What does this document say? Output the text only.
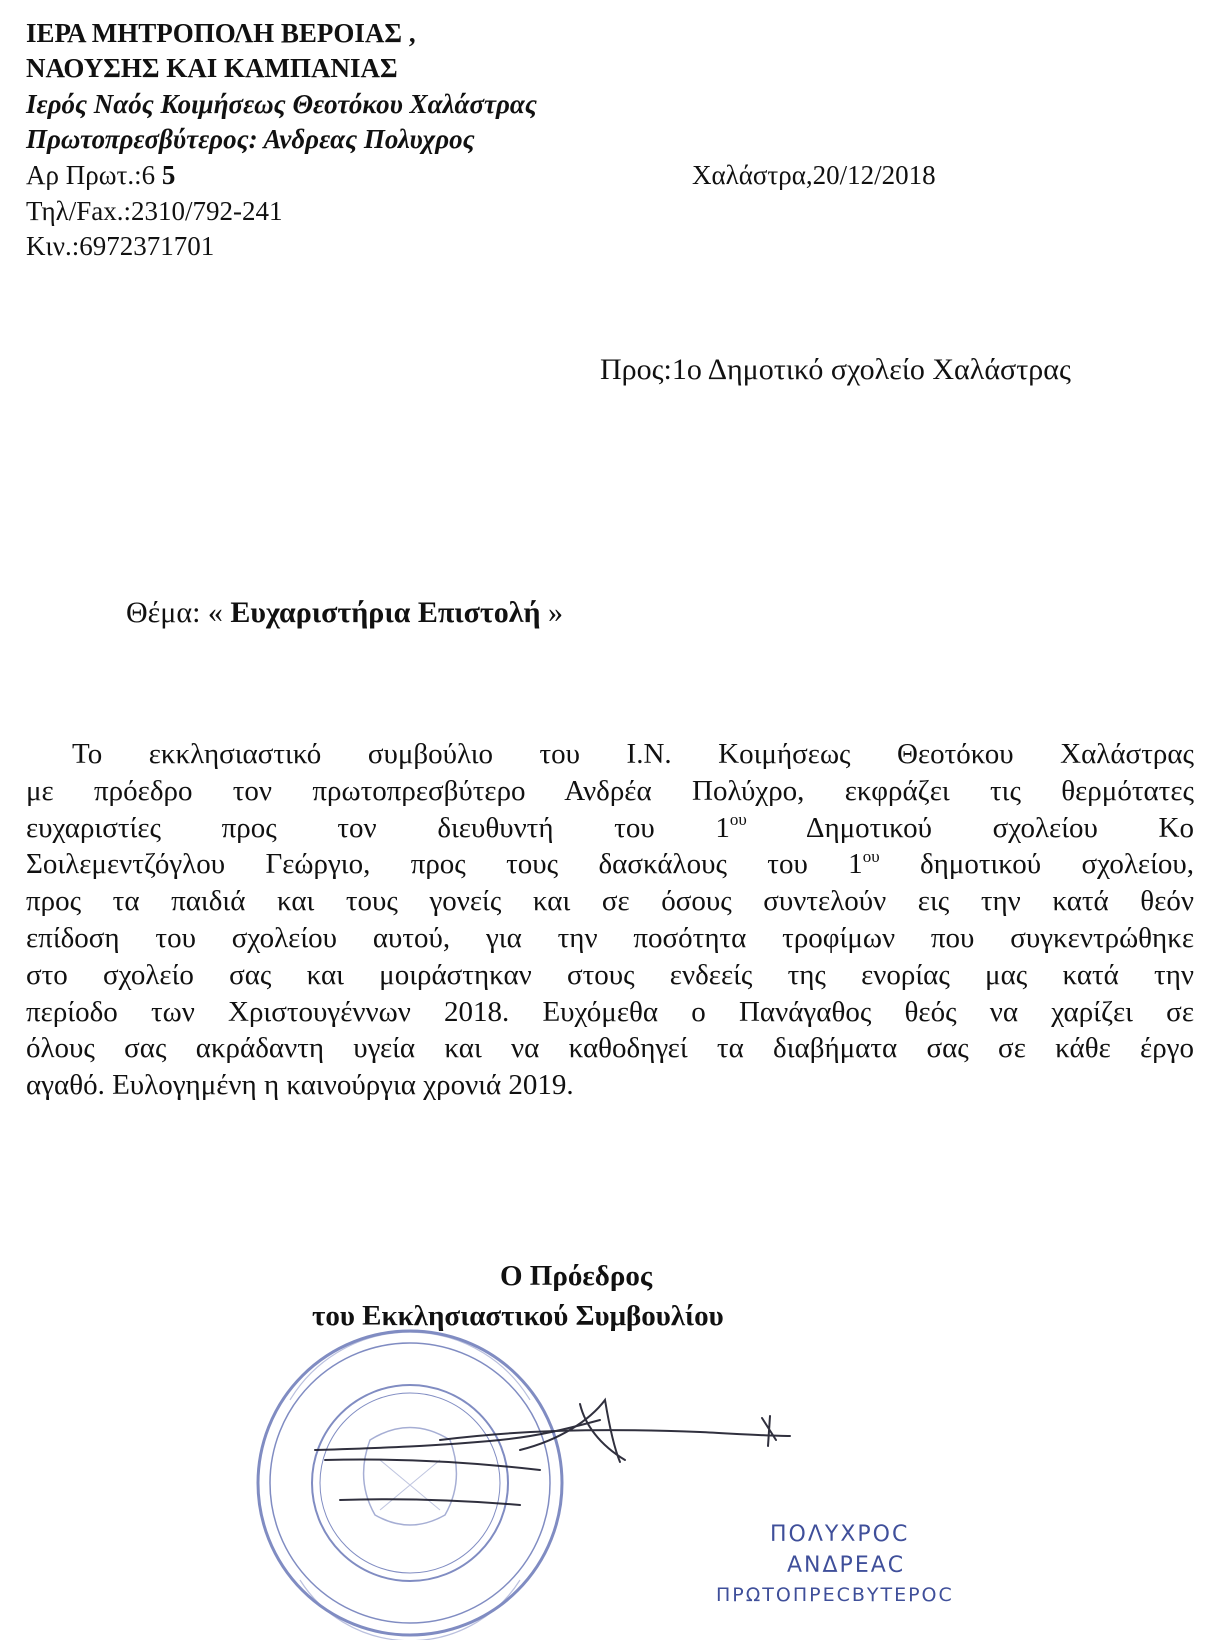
ΙΕΡΑ ΜΗΤΡΟΠΟΛΗ ΒΕΡΟΙΑΣ ,
ΝΑΟΥΣΗΣ ΚΑΙ ΚΑΜΠΑΝΙΑΣ
Ιερός Ναός Κοιμήσεως Θεοτόκου Χαλάστρας
Πρωτοπρεσβύτερος: Ανδρεας Πολυχρος
Αρ Πρωτ.:6 5	Χαλάστρα,20/12/2018
Τηλ/Fax.:2310/792-241
Κιν.:6972371701
Προς:1ο Δημοτικό σχολείο Χαλάστρας
Θέμα: « Ευχαριστήρια Επιστολή »
Το εκκλησιαστικό συμβούλιο του Ι.Ν. Κοιμήσεως Θεοτόκου Χαλάστρας
με πρόεδρο τον πρωτοπρεσβύτερο Ανδρέα Πολύχρο, εκφράζει τις θερμότατες
ευχαριστίες προς τον διευθυντή του $1^{o\upsilon}$ Δημοτικού σχολείου Κο
Σοιλεμεντζόγλου Γεώργιο, προς τους δασκάλους του $1^{o\upsilon}$ δημοτικού σχολείου,
προς τα παιδιά και τους γονείς και σε όσους συντελούν εις την κατά θεόν
επίδοση του σχολείου αυτού, για την ποσότητα τροφίμων που συγκεντρώθηκε
στο σχολείο σας και μοιράστηκαν στους ενδεείς της ενορίας μας κατά την
περίοδο των Χριστουγέννων 2018. Ευχόμεθα ο Πανάγαθος θεός να χαρίζει σε
όλους σας ακράδαντη υγεία και να καθοδηγεί τα διαβήματα σας σε κάθε έργο
αγαθό. Ευλογημένη η καινούργια χρονιά 2019.
Ο Πρόεδρος
του Εκκλησιαστικού Συμβουλίου
ΠΟΛΥΧΡΟC
ΑΝΔΡΕΑC
ΠΡΩΤΟΠΡΕCΒΥΤΕΡΟC
